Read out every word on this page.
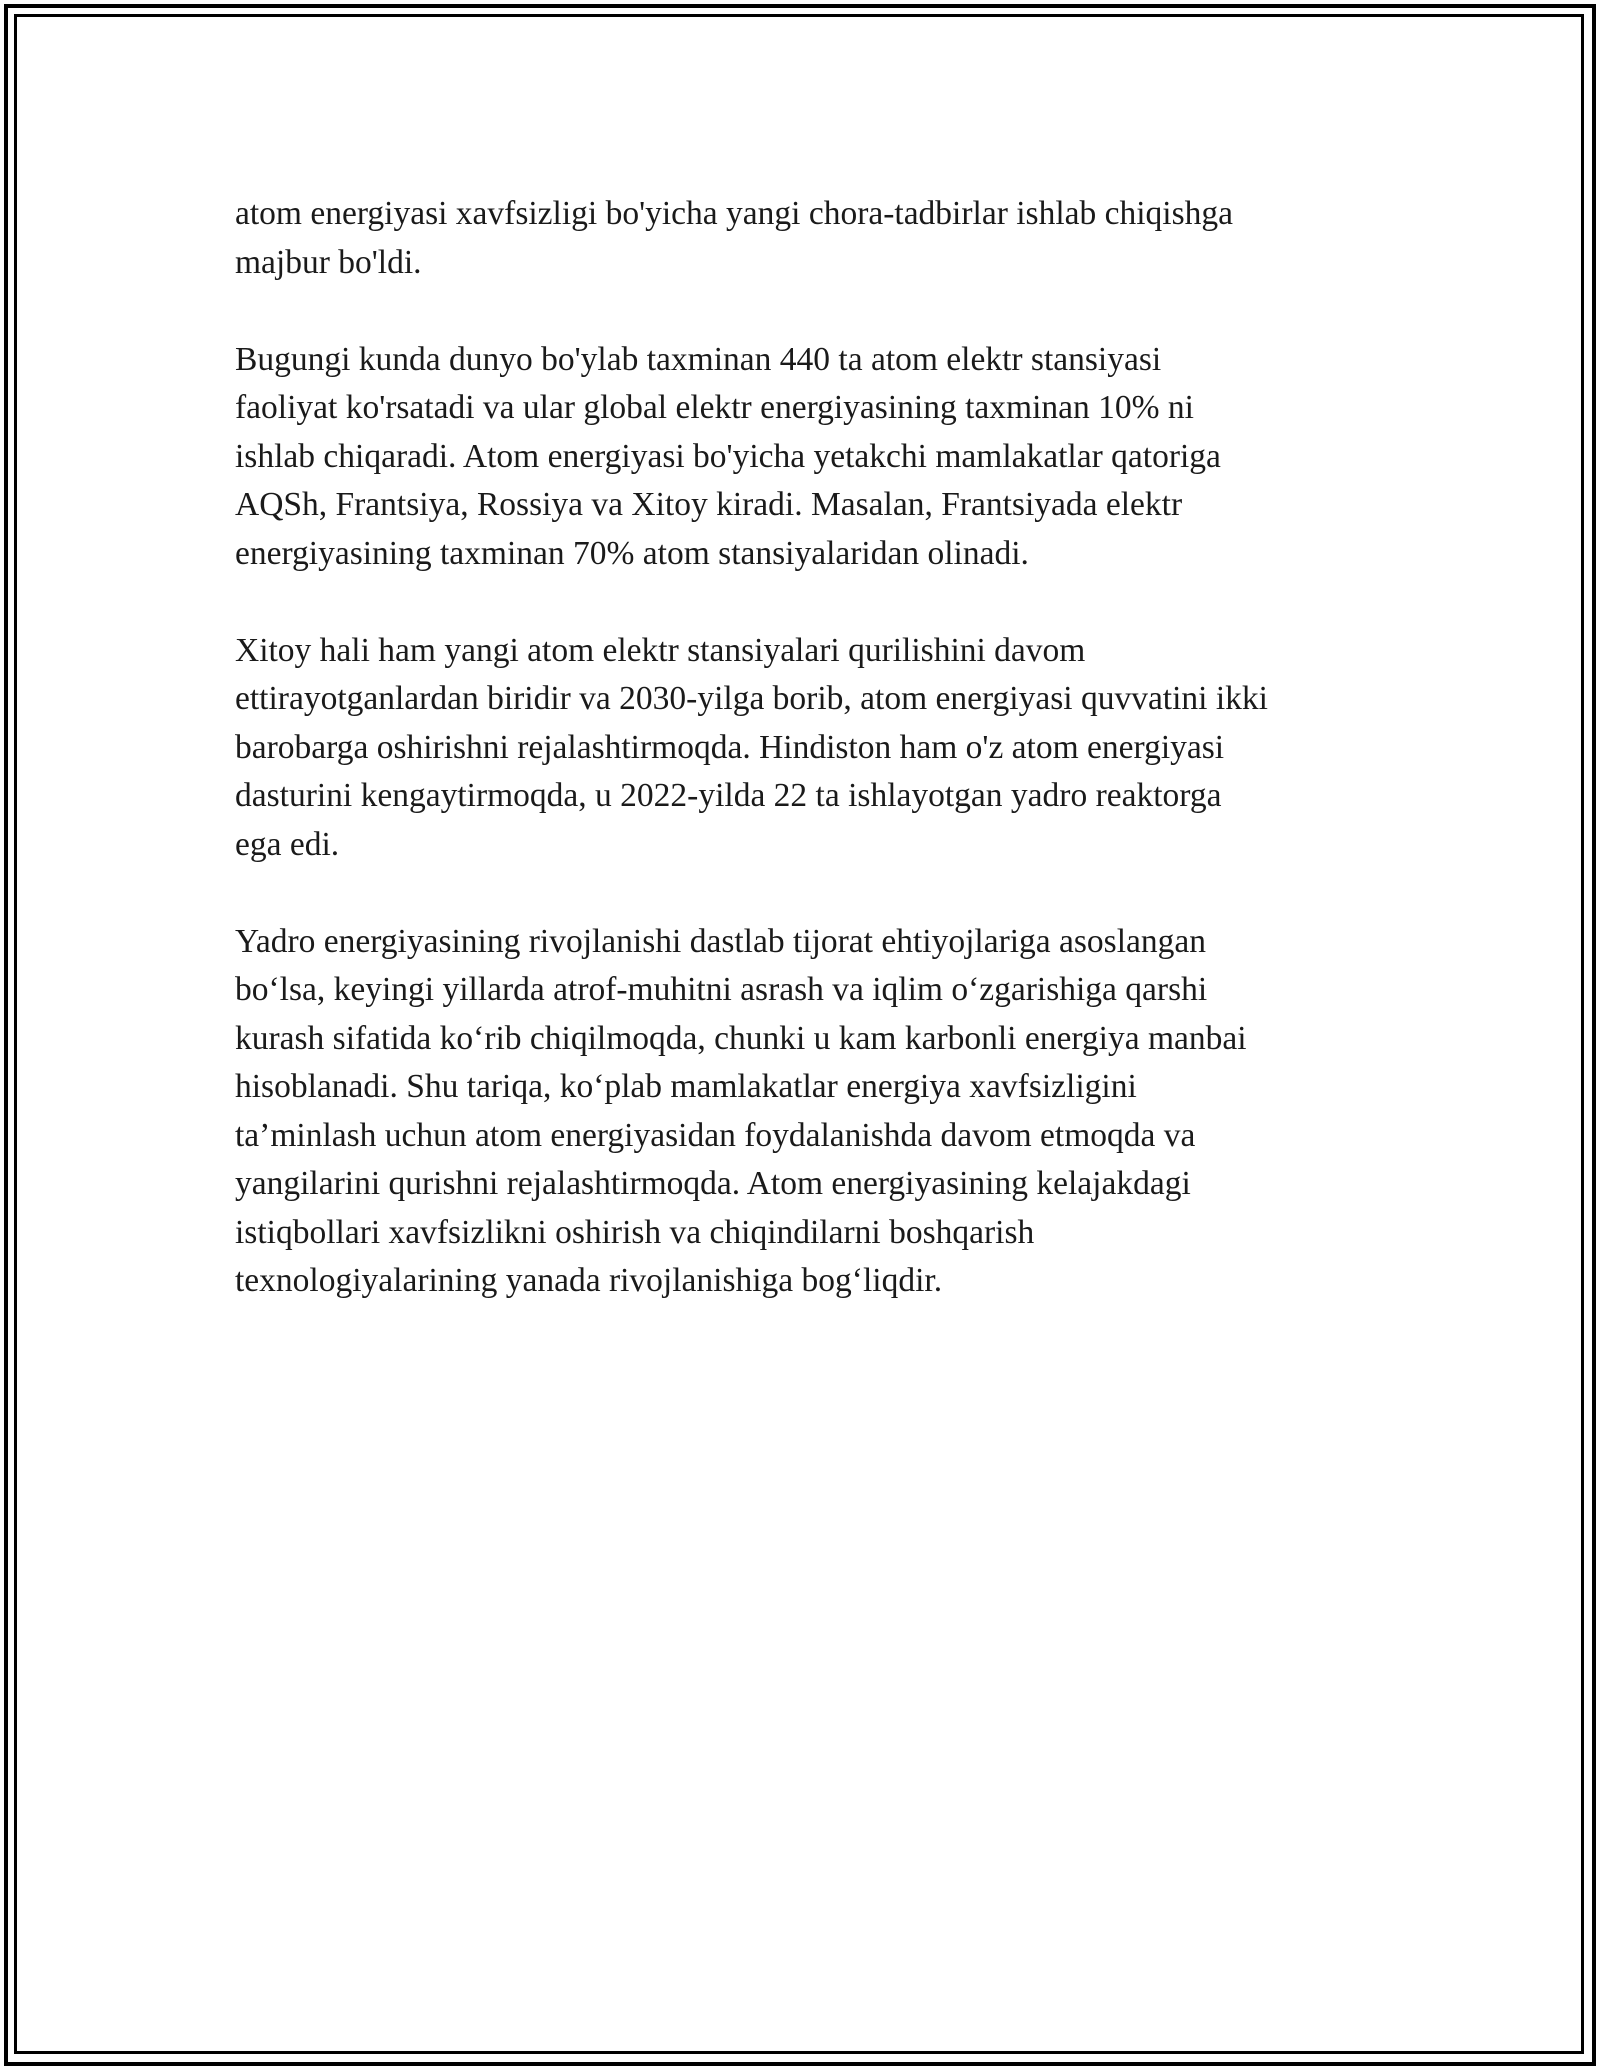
atom energiyasi xavfsizligi bo'yicha yangi chora-tadbirlar ishlab chiqishga
majbur bo'ldi.

Bugungi kunda dunyo bo'ylab taxminan 440 ta atom elektr stansiyasi
faoliyat ko'rsatadi va ular global elektr energiyasining taxminan 10% ni
ishlab chiqaradi. Atom energiyasi bo'yicha yetakchi mamlakatlar qatoriga
AQSh, Frantsiya, Rossiya va Xitoy kiradi. Masalan, Frantsiyada elektr
energiyasining taxminan 70% atom stansiyalaridan olinadi.

Xitoy hali ham yangi atom elektr stansiyalari qurilishini davom
ettirayotganlardan biridir va 2030-yilga borib, atom energiyasi quvvatini ikki
barobarga oshirishni rejalashtirmoqda. Hindiston ham o'z atom energiyasi
dasturini kengaytirmoqda, u 2022-yilda 22 ta ishlayotgan yadro reaktorga
ega edi.

Yadro energiyasining rivojlanishi dastlab tijorat ehtiyojlariga asoslangan
bo‘lsa, keyingi yillarda atrof-muhitni asrash va iqlim o‘zgarishiga qarshi
kurash sifatida ko‘rib chiqilmoqda, chunki u kam karbonli energiya manbai
hisoblanadi. Shu tariqa, ko‘plab mamlakatlar energiya xavfsizligini
ta’minlash uchun atom energiyasidan foydalanishda davom etmoqda va
yangilarini qurishni rejalashtirmoqda. Atom energiyasining kelajakdagi
istiqbollari xavfsizlikni oshirish va chiqindilarni boshqarish
texnologiyalarining yanada rivojlanishiga bog‘liqdir.
